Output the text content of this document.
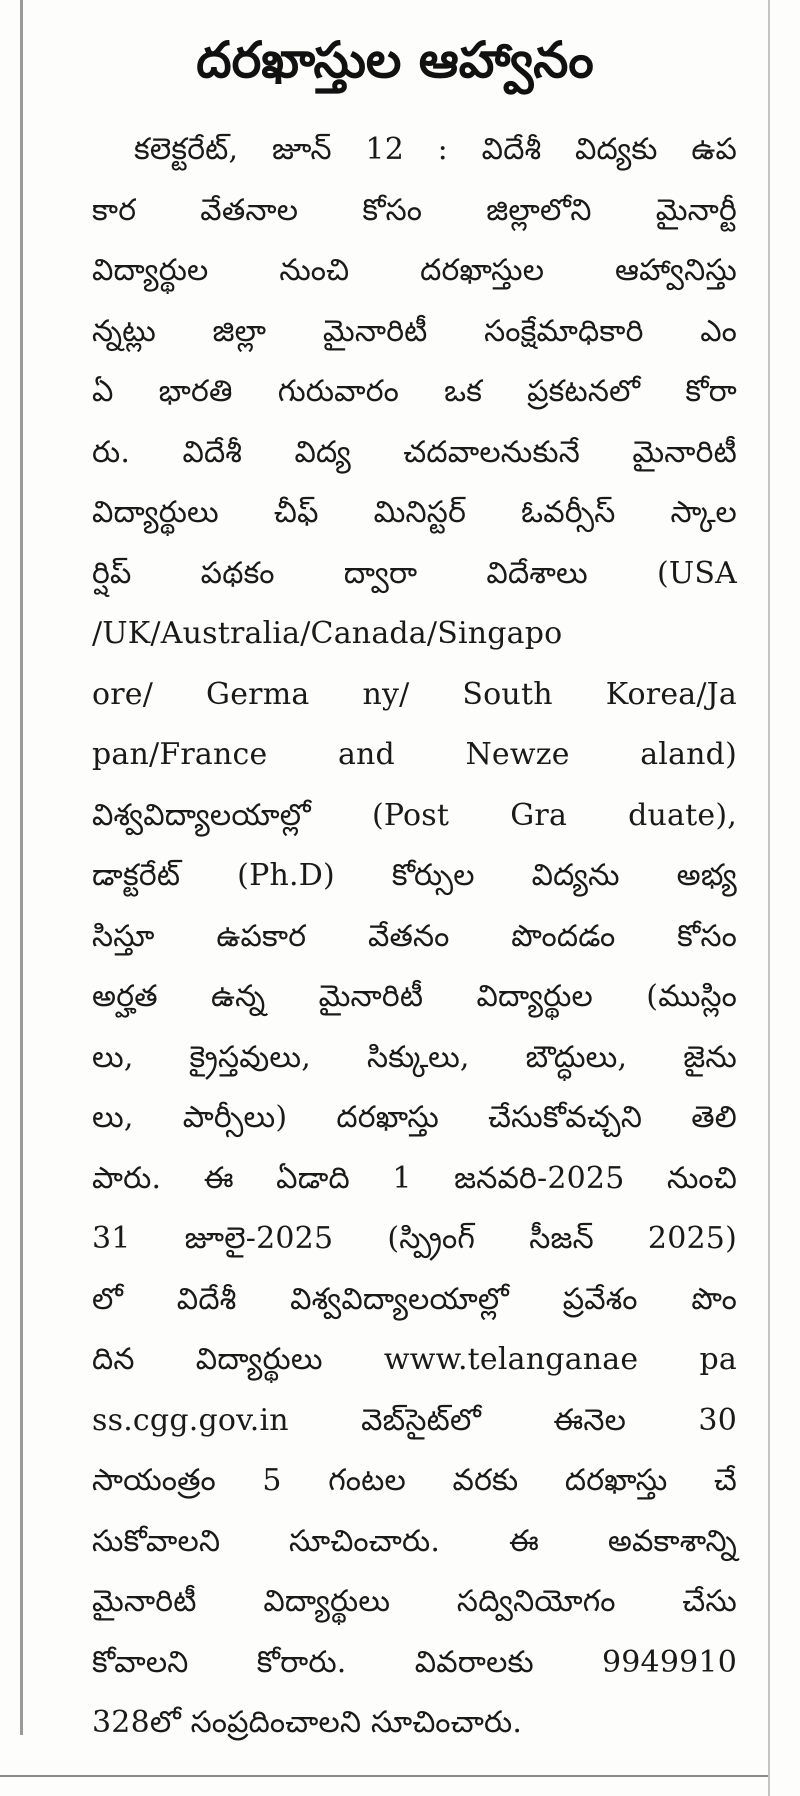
దరఖాస్తుల ఆహ్వానం
కలెక్టరేట్, జూన్ 12 : విదేశీ విద్యకు ఉప
కార వేతనాల కోసం జిల్లాలోని మైనార్టీ
విద్యార్థుల నుంచి దరఖాస్తుల ఆహ్వానిస్తు
న్నట్లు జిల్లా మైనారిటీ సంక్షేమాధికారి ఎం
ఏ భారతి గురువారం ఒక ప్రకటనలో కోరా
రు. విదేశీ విద్య చదవాలనుకునే మైనారిటీ
విద్యార్థులు చీఫ్ మినిస్టర్ ఓవర్సీస్ స్కాల
ర్షిప్ పథకం ద్వారా విదేశాలు (USA
/UK/Australia/Canada/Singapo
ore/ Germa ny/ South Korea/Ja
pan/France and Newze aland)
విశ్వవిద్యాలయాల్లో (Post Gra duate),
డాక్టరేట్ (Ph.D) కోర్సుల విద్యను అభ్య
సిస్తూ ఉపకార వేతనం పొందడం కోసం
అర్హత ఉన్న మైనారిటీ విద్యార్థుల (ముస్లిం
లు, క్రైస్తవులు, సిక్కులు, బౌద్ధులు, జైను
లు, పార్సీలు) దరఖాస్తు చేసుకోవచ్చని తెలి
పారు. ఈ ఏడాది 1 జనవరి-2025 నుంచి
31 జూలై-2025 (స్ప్రింగ్ సీజన్ 2025)
లో విదేశీ విశ్వవిద్యాలయాల్లో ప్రవేశం పొం
దిన విద్యార్థులు www.telanganae pa
ss.cgg.gov.in వెబ్‌సైట్‌లో ఈనెల 30
సాయంత్రం 5 గంటల వరకు దరఖాస్తు చే
సుకోవాలని సూచించారు. ఈ అవకాశాన్ని
మైనారిటీ విద్యార్థులు సద్వినియోగం చేసు
కోవాలని కోరారు. వివరాలకు 9949910
328లో సంప్రదించాలని సూచించారు.
